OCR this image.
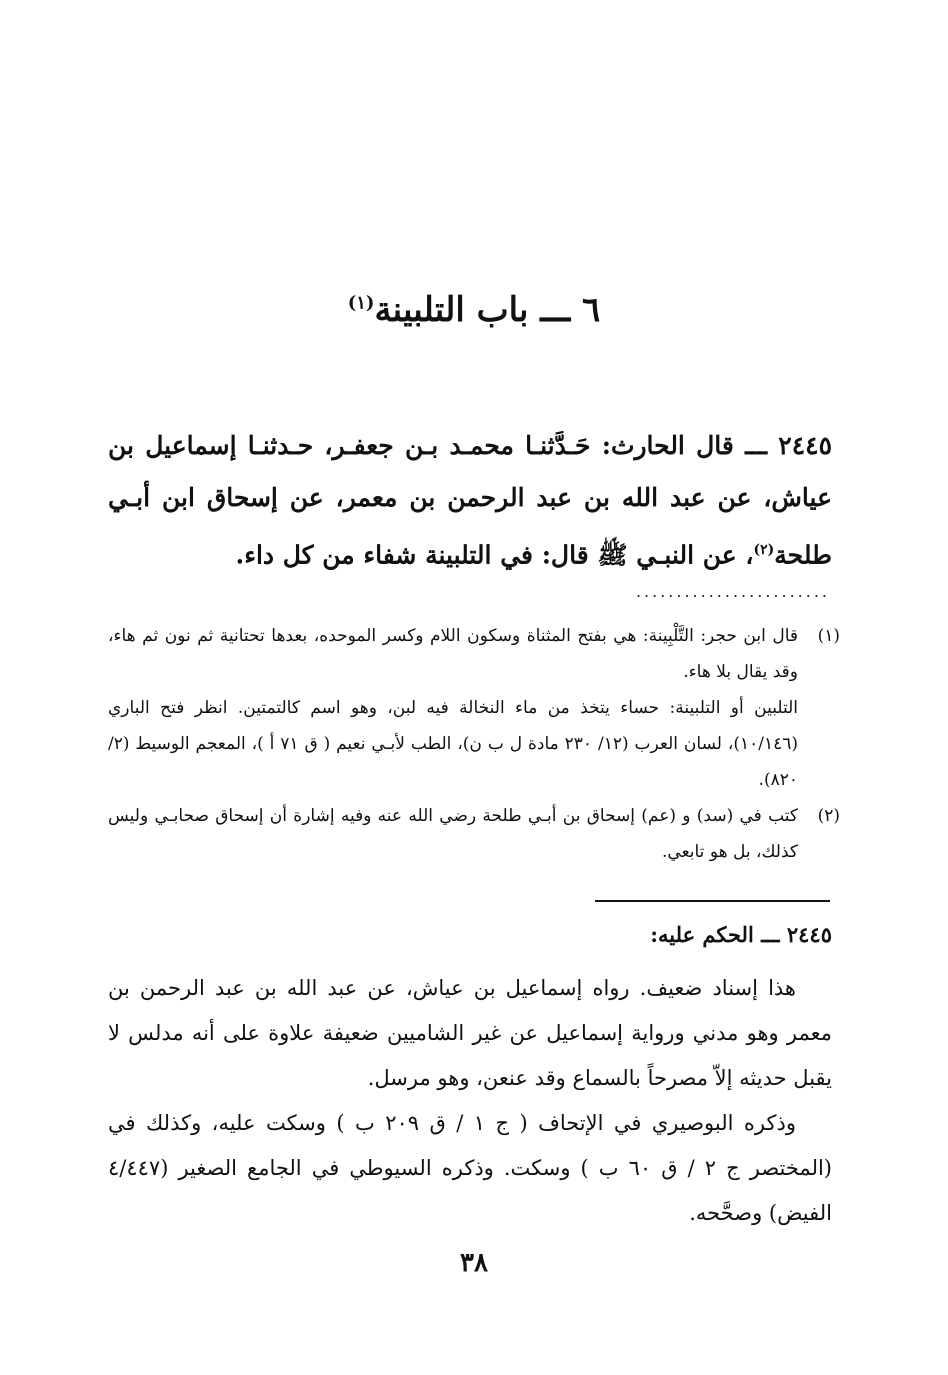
٦ ـــ باب التلبينة$^{(١)}$
٢٤٤٥ ـــ قال الحارث: حَـدَّثنـا محمـد بـن جعفـر، حـدثنـا إسماعيل بن عياش، عن عبد الله بن عبد الرحمن بن معمر، عن إسحاق ابن أبـي طلحة$^{(٢)}$، عن النبـي ﷺ قال: في التلبينة شفاء من كل داء.
........................
(١)
قال ابن حجر: التَّلْبِينة: هي بفتح المثناة وسكون اللام وكسر الموحده، بعدها تحتانية ثم نون ثم هاء، وقد يقال بلا هاء.
التلبين أو التلبينة: حساء يتخذ من ماء النخالة فيه لبن، وهو اسم كالتمتين. انظر فتح الباري (١٠/١٤٦)، لسان العرب (١٢/ ٢٣٠ مادة ل ب ن)، الطب لأبـي نعيم ( ق ٧١ أ )، المعجم الوسيط (٢/ ٨٢٠).
(٢)
كتب في (سد) و (عم) إسحاق بن أبـي طلحة رضي الله عنه وفيه إشارة أن إسحاق صحابـي وليس كذلك، بل هو تابعي.
٢٤٤٥ ـــ الحكم عليه:

هذا إسناد ضعيف. رواه إسماعيل بن عياش، عن عبد الله بن عبد الرحمن بن معمر وهو مدني ورواية إسماعيل عن غير الشاميين ضعيفة علاوة على أنه مدلس لا يقبل حديثه إلاّ مصرحاً بالسماع وقد عنعن، وهو مرسل.

وذكره البوصيري في الإتحاف ( ج ١ / ق ٢٠٩ ب ) وسكت عليه، وكذلك في (المختصر ج ٢ / ق ٦٠ ب ) وسكت. وذكره السيوطي في الجامع الصغير (٤/٤٤٧ الفيض) وصحَّحه.

٣٨
